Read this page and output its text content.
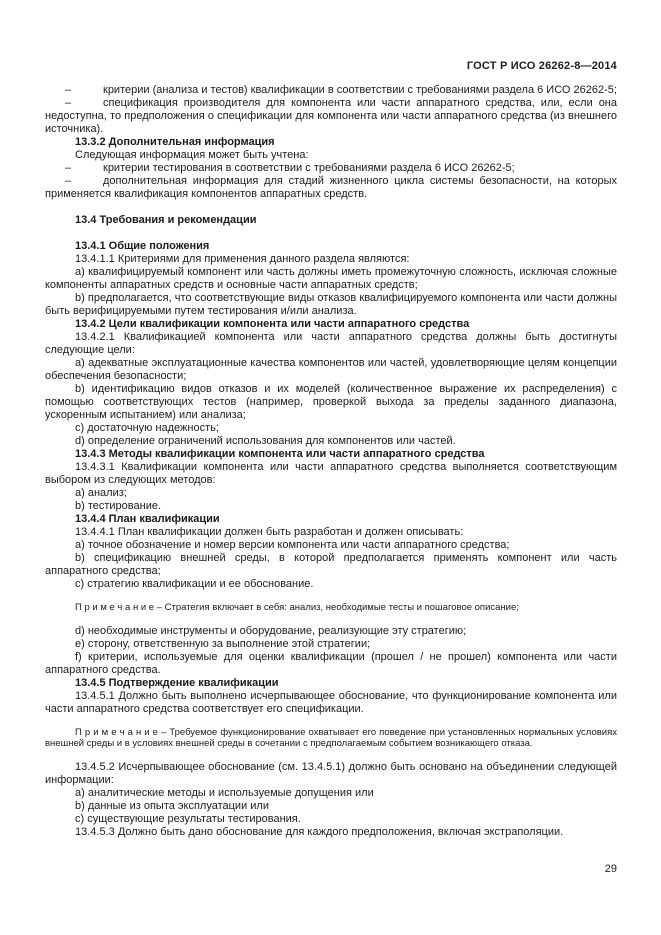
ГОСТ Р ИСО 26262-8—2014

–	критерии (анализа и тестов) квалификации в соответствии с требованиями раздела 6 ИСО 26262-5;

–	спецификация производителя для компонента или части аппаратного средства, или, если она недоступна, то предположения о спецификации для компонента или части аппаратного средства (из внешнего источника).

13.3.2 Дополнительная информация

Следующая информация может быть учтена:

–	критерии тестирования в соответствии с требованиями раздела 6 ИСО 26262-5;

–	дополнительная информация для стадий жизненного цикла системы безопасности, на которых применяется квалификация компонентов аппаратных средств.

13.4 Требования и рекомендации

13.4.1 Общие положения

13.4.1.1 Критериями для применения данного раздела являются:

a) квалифицируемый компонент или часть должны иметь промежуточную сложность, исключая сложные компоненты аппаратных средств и основные части аппаратных средств;

b) предполагается, что соответствующие виды отказов квалифицируемого компонента или части должны быть верифицируемыми путем тестирования и/или анализа.

13.4.2 Цели квалификации компонента или части аппаратного средства

13.4.2.1 Квалификацией компонента или части аппаратного средства должны быть достигнуты следующие цели:

a) адекватные эксплуатационные качества компонентов или частей, удовлетворяющие целям концепции обеспечения безопасности;

b) идентификацию видов отказов и их моделей (количественное выражение их распределения) с помощью соответствующих тестов (например, проверкой выхода за пределы заданного диапазона, ускоренным испытанием) или анализа;

c) достаточную надежность;

d) определение ограничений использования для компонентов или частей.

13.4.3 Методы квалификации компонента или части аппаратного средства

13.4.3.1 Квалификации компонента или части аппаратного средства выполняется соответствующим выбором из следующих методов:

a) анализ;

b) тестирование.

13.4.4 План квалификации

13.4.4.1 План квалификации должен быть разработан и должен описывать:

a) точное обозначение и номер версии компонента или части аппаратного средства;

b) спецификацию внешней среды, в которой предполагается применять компонент или часть аппаратного средства;

c) стратегию квалификации и ее обоснование.

П р и м е ч а н и е – Стратегия включает в себя: анализ, необходимые тесты и пошаговое описание;

d) необходимые инструменты и оборудование, реализующие эту стратегию;

e) сторону, ответственную за выполнение этой стратегии;

f) критерии, используемые для оценки квалификации (прошел / не прошел) компонента или части аппаратного средства.

13.4.5 Подтверждение квалификации

13.4.5.1 Должно быть выполнено исчерпывающее обоснование, что функционирование компонента или части аппаратного средства соответствует его спецификации.

П р и м е ч а н и е – Требуемое функционирование охватывает его поведение при установленных нормальных условиях внешней среды и в условиях внешней среды в сочетании с предполагаемым событием возникающего отказа.

13.4.5.2 Исчерпывающее обоснование (см. 13.4.5.1) должно быть основано на объединении следующей информации:

a) аналитические методы и используемые допущения или

b) данные из опыта эксплуатации или

c) существующие результаты тестирования.

13.4.5.3 Должно быть дано обоснование для каждого предположения, включая экстраполяции.

29
